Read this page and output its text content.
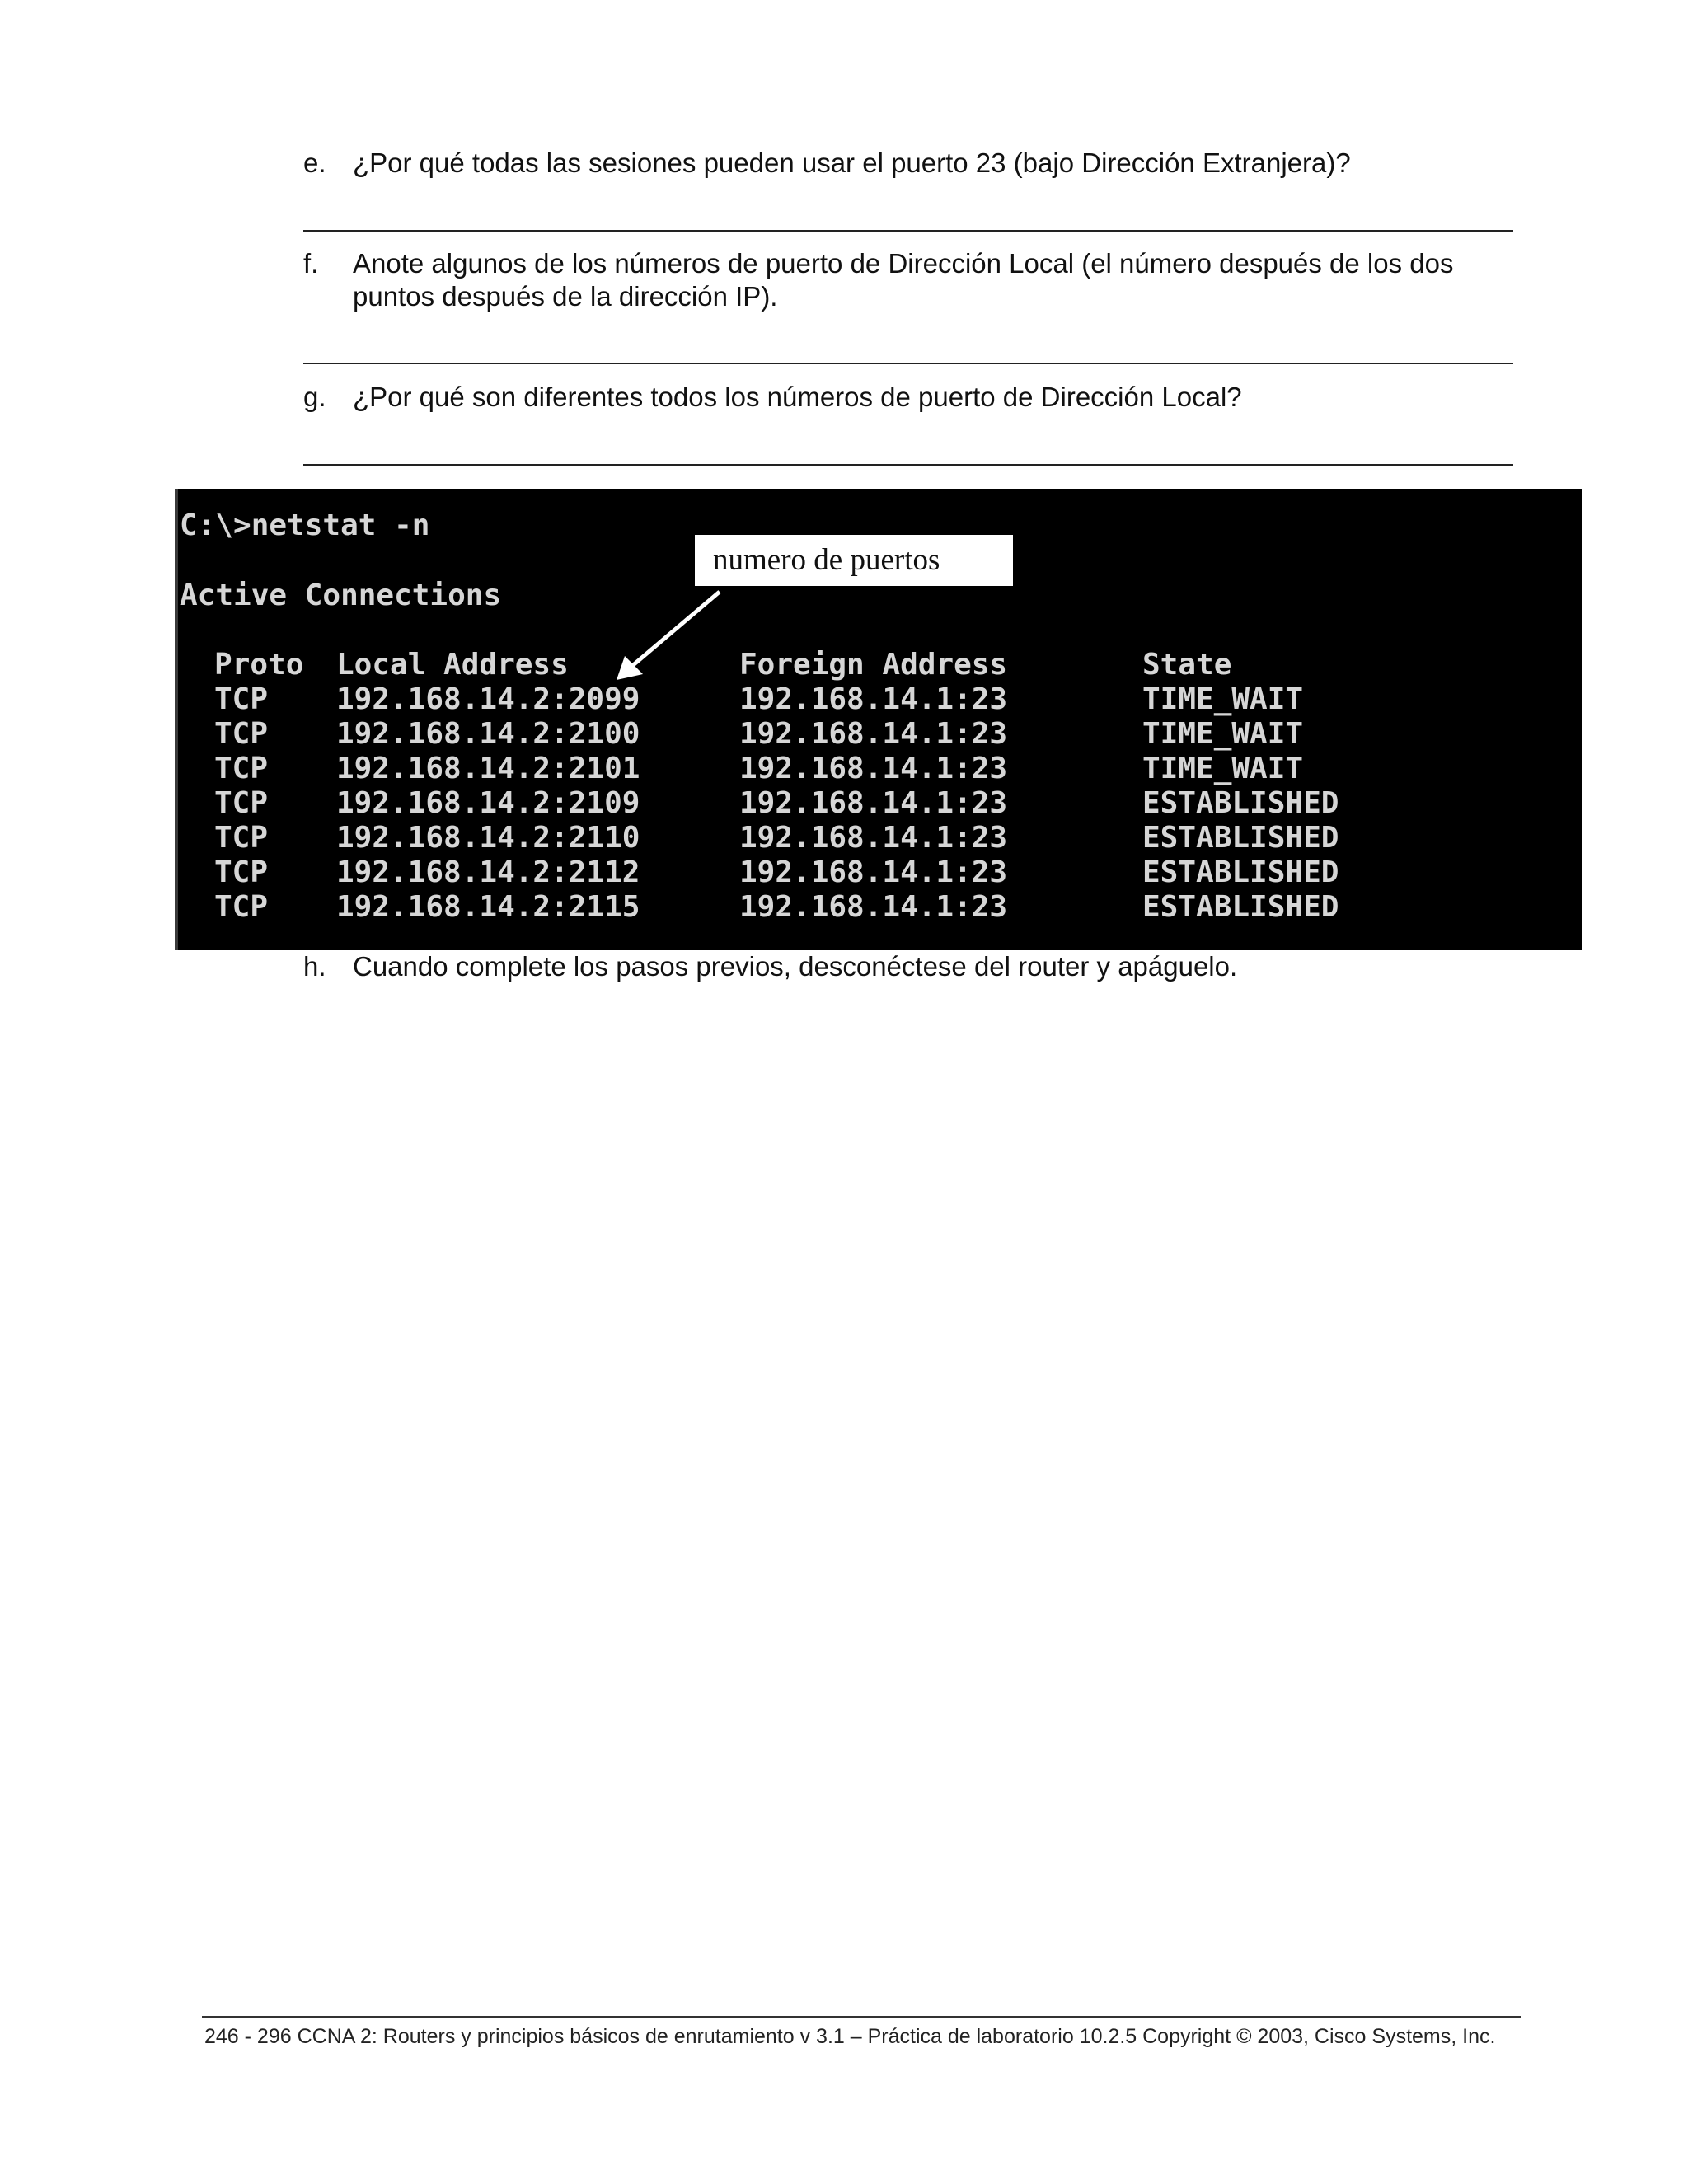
e. ¿Por qué todas las sesiones pueden usar el puerto 23 (bajo Dirección Extranjera)?
f. Anote algunos de los números de puerto de Dirección Local (el número después de los dos puntos después de la dirección IP).
g. ¿Por qué son diferentes todos los números de puerto de Dirección Local?
C:\>netstat -n
Active Connections
Proto Local Address	Foreign Address	State
TCP 192.168.14.2:2099	192.168.14.1:23	TIME_WAIT
TCP 192.168.14.2:2100	192.168.14.1:23	TIME_WAIT
TCP 192.168.14.2:2101	192.168.14.1:23	TIME_WAIT
TCP 192.168.14.2:2109	192.168.14.1:23	ESTABLISHED
TCP 192.168.14.2:2110	192.168.14.1:23	ESTABLISHED
TCP 192.168.14.2:2112	192.168.14.1:23	ESTABLISHED
TCP 192.168.14.2:2115	192.168.14.1:23	ESTABLISHED
numero de puertos
h. Cuando complete los pasos previos, desconéctese del router y apáguelo.
246 - 296 CCNA 2: Routers y principios básicos de enrutamiento v 3.1 – Práctica de laboratorio 10.2.5 Copyright © 2003, Cisco Systems, Inc.
